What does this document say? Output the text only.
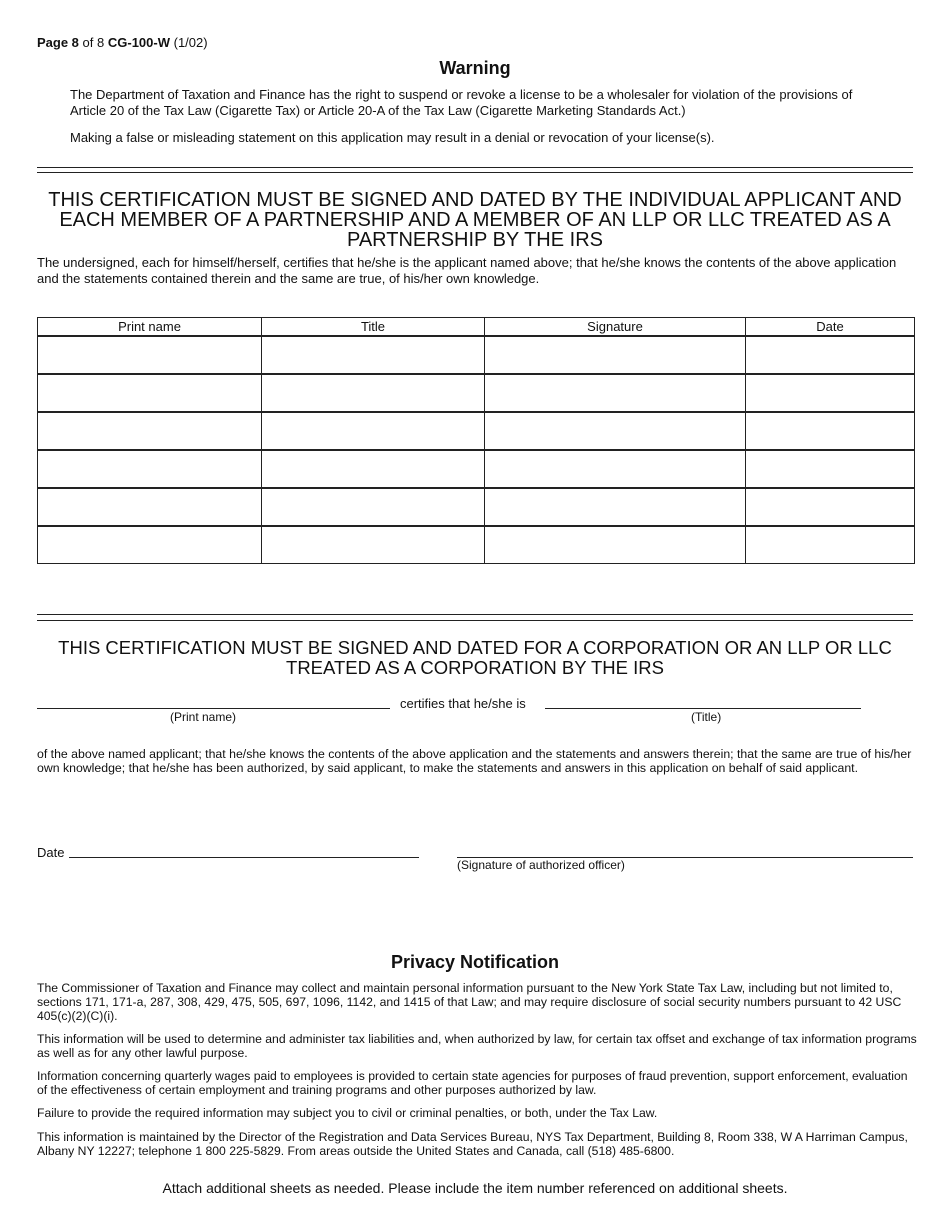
Page 8 of 8 CG-100-W (1/02)
Warning
The Department of Taxation and Finance has the right to suspend or revoke a license to be a wholesaler for violation of the provisions of Article 20 of the Tax Law (Cigarette Tax) or Article 20-A of the Tax Law (Cigarette Marketing Standards Act.)
Making a false or misleading statement on this application may result in a denial or revocation of your license(s).
THIS CERTIFICATION MUST BE SIGNED AND DATED BY THE INDIVIDUAL APPLICANT AND
EACH MEMBER OF A PARTNERSHIP AND A MEMBER OF AN LLP OR LLC TREATED AS A
PARTNERSHIP BY THE IRS
The undersigned, each for himself/herself, certifies that he/she is the applicant named above; that he/she knows the contents of the above application and the statements contained therein and the same are true, of his/her own knowledge.
Print name	Title	Signature	Date

THIS CERTIFICATION MUST BE SIGNED AND DATED FOR A CORPORATION OR AN LLP OR LLC
TREATED AS A CORPORATION BY THE IRS
certifies that he/she is
(Print name)	(Title)
of the above named applicant; that he/she knows the contents of the above application and the statements and answers therein; that the same are true of his/her own knowledge; that he/she has been authorized, by said applicant, to make the statements and answers in this application on behalf of said applicant.
Date
(Signature of authorized officer)
Privacy Notification
The Commissioner of Taxation and Finance may collect and maintain personal information pursuant to the New York State Tax Law, including but not limited to, sections 171, 171-a, 287, 308, 429, 475, 505, 697, 1096, 1142, and 1415 of that Law; and may require disclosure of social security numbers pursuant to 42 USC 405(c)(2)(C)(i).
This information will be used to determine and administer tax liabilities and, when authorized by law, for certain tax offset and exchange of tax information programs as well as for any other lawful purpose.
Information concerning quarterly wages paid to employees is provided to certain state agencies for purposes of fraud prevention, support enforcement, evaluation of the effectiveness of certain employment and training programs and other purposes authorized by law.
Failure to provide the required information may subject you to civil or criminal penalties, or both, under the Tax Law.
This information is maintained by the Director of the Registration and Data Services Bureau, NYS Tax Department, Building 8, Room 338, W A Harriman Campus, Albany NY 12227; telephone 1 800 225-5829. From areas outside the United States and Canada, call (518) 485-6800.
Attach additional sheets as needed. Please include the item number referenced on additional sheets.
